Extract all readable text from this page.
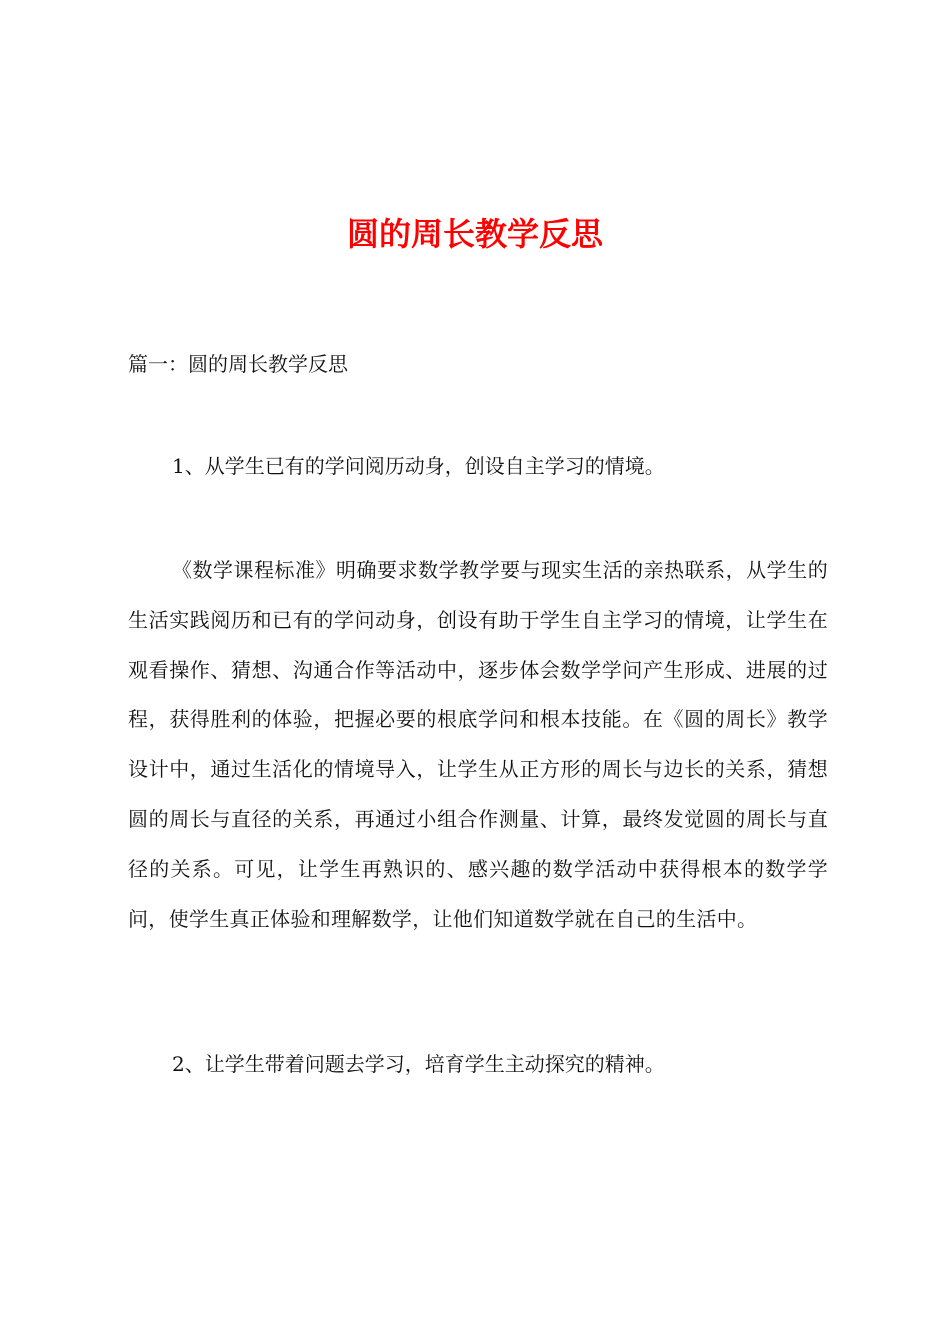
圆的周长教学反思

篇一：圆的周长教学反思

1、从学生已有的学问阅历动身，创设自主学习的情境。

《数学课程标准》明确要求数学教学要与现实生活的亲热联系，从学生的生活实践阅历和已有的学问动身，创设有助于学生自主学习的情境，让学生在观看操作、猜想、沟通合作等活动中，逐步体会数学学问产生形成、进展的过程，获得胜利的体验，把握必要的根底学问和根本技能。在《圆的周长》教学设计中，通过生活化的情境导入，让学生从正方形的周长与边长的关系，猜想圆的周长与直径的关系，再通过小组合作测量、计算，最终发觉圆的周长与直径的关系。可见，让学生再熟识的、感兴趣的数学活动中获得根本的数学学问，使学生真正体验和理解数学，让他们知道数学就在自己的生活中。

2、让学生带着问题去学习，培育学生主动探究的精神。
